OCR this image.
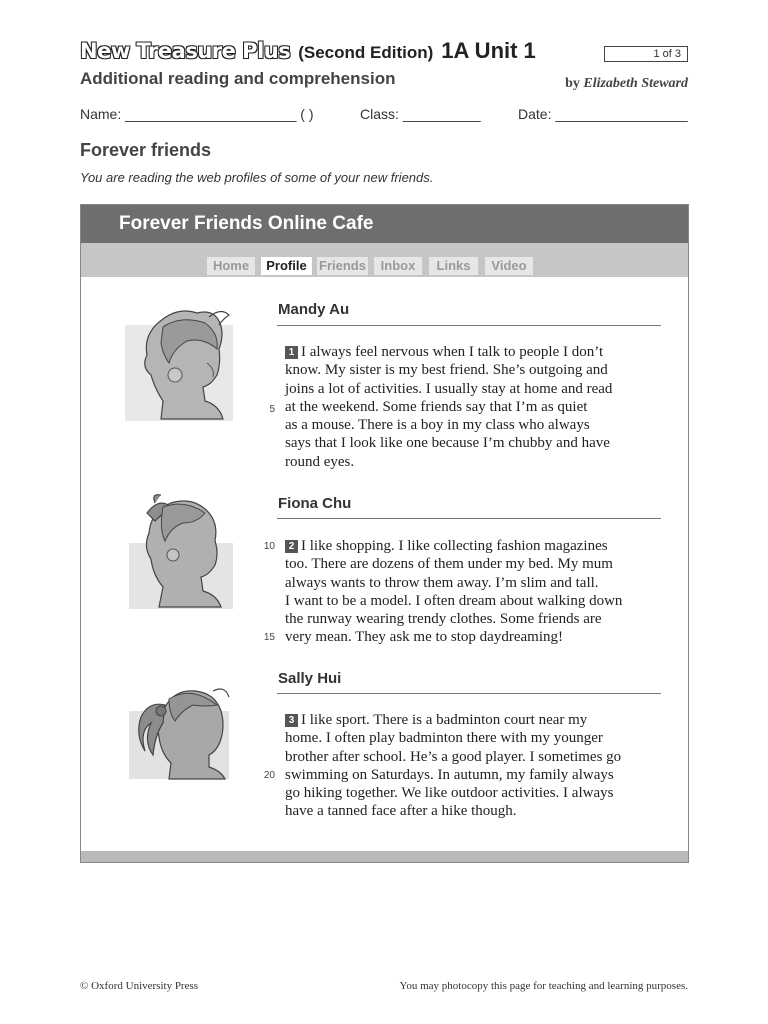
New Treasure Plus (Second Edition) 1A Unit 1	1 of 3
Additional reading and comprehension	by Elizabeth Steward
Name: ______________________ ( )	Class: __________	Date: _________________
Forever friends
You are reading the web profiles of some of your new friends.
Forever Friends Online Cafe
Home	Profile Friends	Inbox	Links	Video
Mandy Au
1 I always feel nervous when I talk to people I don’t
know. My sister is my best friend. She’s outgoing and
joins a lot of activities. I usually stay at home and read
at the weekend. Some friends say that I’m as quiet
as a mouse. There is a boy in my class who always
says that I look like one because I’m chubby and have
round eyes.
5
Fiona Chu
2 I like shopping. I like collecting fashion magazines
too. There are dozens of them under my bed. My mum
always wants to throw them away. I’m slim and tall.
I want to be a model. I often dream about walking down
the runway wearing trendy clothes. Some friends are
very mean. They ask me to stop daydreaming!
10
15
Sally Hui
3 I like sport. There is a badminton court near my
home. I often play badminton there with my younger
brother after school. He’s a good player. I sometimes go
swimming on Saturdays. In autumn, my family always
go hiking together. We like outdoor activities. I always
have a tanned face after a hike though.
20
© Oxford University Press	You may photocopy this page for teaching and learning purposes.
